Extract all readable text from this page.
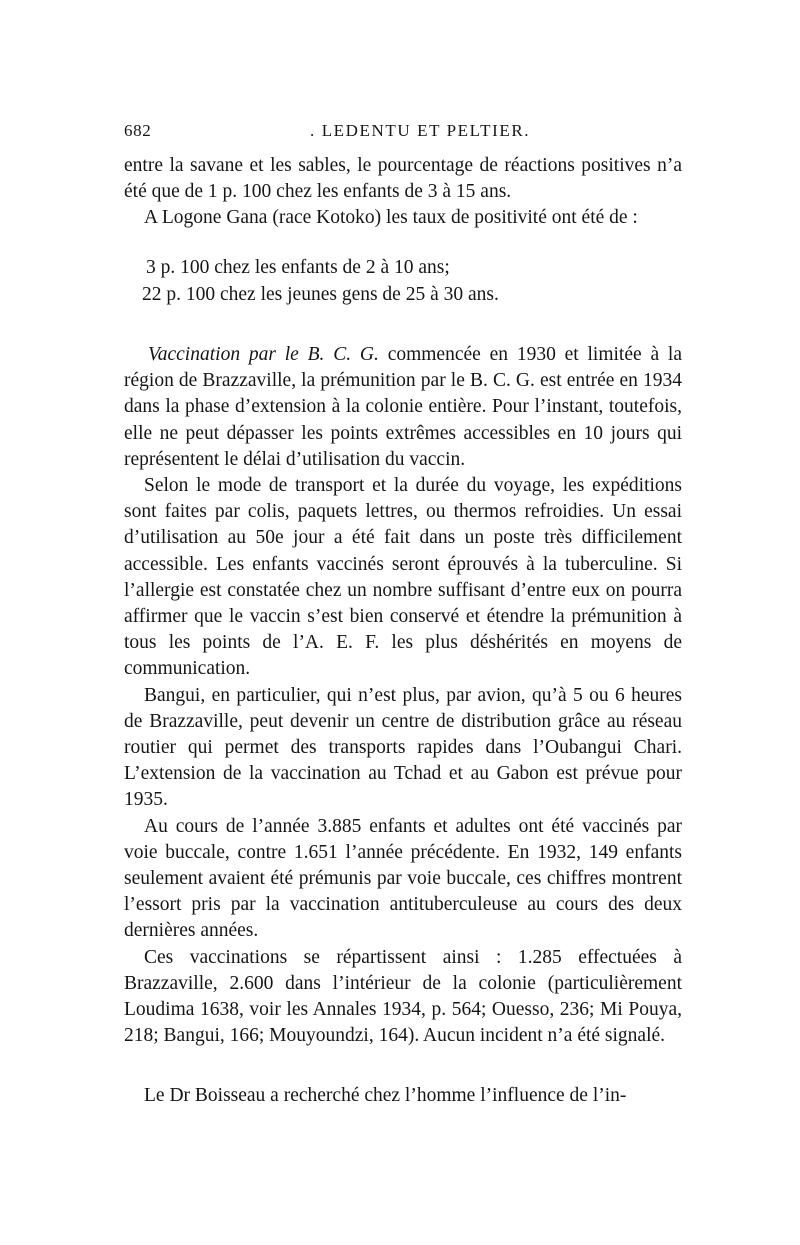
682	. LEDENTU ET PELTIER.

entre la savane et les sables, le pourcentage de réactions positives n’a été que de 1 p. 100 chez les enfants de 3 à 15 ans.

A Logone Gana (race Kotoko) les taux de positivité ont été de :

3 p. 100 chez les enfants de 2 à 10 ans;

22 p. 100 chez les jeunes gens de 25 à 30 ans.

Vaccination par le B. C. G. commencée en 1930 et limitée à la région de Brazzaville, la prémunition par le B. C. G. est entrée en 1934 dans la phase d’extension à la colonie entière. Pour l’instant, toutefois, elle ne peut dépasser les points extrêmes accessibles en 10 jours qui représentent le délai d’utilisation du vaccin.

Selon le mode de transport et la durée du voyage, les expéditions sont faites par colis, paquets lettres, ou thermos refroidies. Un essai d’utilisation au 50e jour a été fait dans un poste très difficilement accessible. Les enfants vaccinés seront éprouvés à la tuberculine. Si l’allergie est constatée chez un nombre suffisant d’entre eux on pourra affirmer que le vaccin s’est bien conservé et étendre la prémunition à tous les points de l’A. E. F. les plus déshérités en moyens de communication.

Bangui, en particulier, qui n’est plus, par avion, qu’à 5 ou 6 heures de Brazzaville, peut devenir un centre de distribution grâce au réseau routier qui permet des transports rapides dans l’Oubangui Chari. L’extension de la vaccination au Tchad et au Gabon est prévue pour 1935.

Au cours de l’année 3.885 enfants et adultes ont été vaccinés par voie buccale, contre 1.651 l’année précédente. En 1932, 149 enfants seulement avaient été prémunis par voie buccale, ces chiffres montrent l’essort pris par la vaccination antituberculeuse au cours des deux dernières années.

Ces vaccinations se répartissent ainsi : 1.285 effectuées à Brazzaville, 2.600 dans l’intérieur de la colonie (particulièrement Loudima 1638, voir les Annales 1934, p. 564; Ouesso, 236; Mi Pouya, 218; Bangui, 166; Mouyoundzi, 164). Aucun incident n’a été signalé.

Le Dr Boisseau a recherché chez l’homme l’influence de l’in-
